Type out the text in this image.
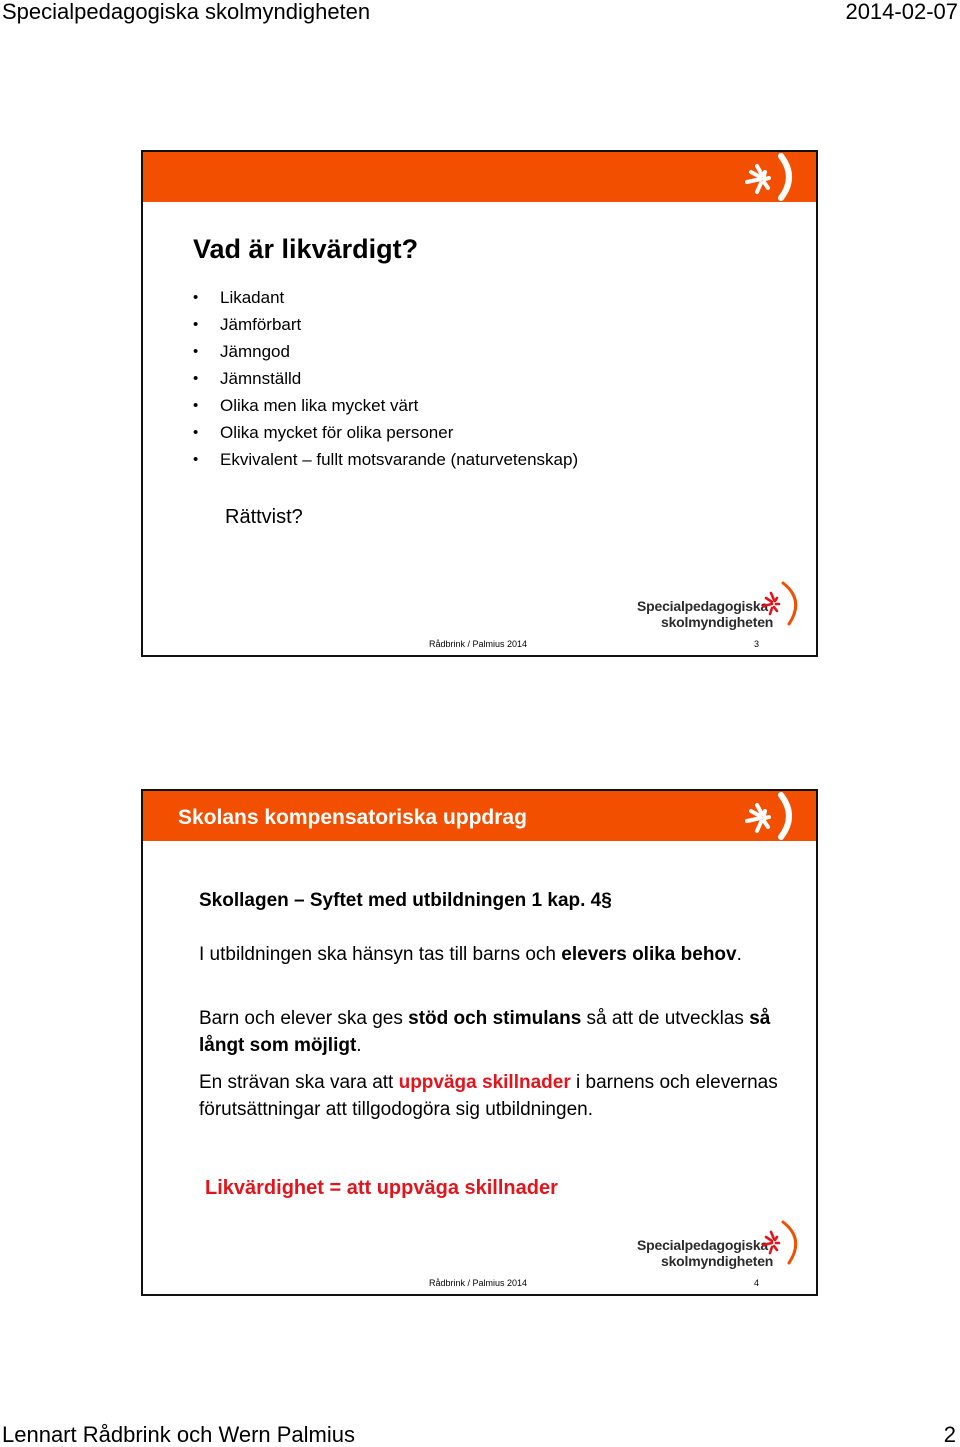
Specialpedagogiska skolmyndigheten	2014-02-07
Vad är likvärdigt?
• Likadant
• Jämförbart
• Jämngod
• Jämnställd
• Olika men lika mycket värt
• Olika mycket för olika personer
• Ekvivalent – fullt motsvarande (naturvetenskap)
Rättvist?
Specialpedagogiska
skolmyndigheten
Rådbrink / Palmius 2014	3
Skolans kompensatoriska uppdrag
Skollagen – Syftet med utbildningen 1 kap. 4§
I utbildningen ska hänsyn tas till barns och elevers olika behov.
Barn och elever ska ges stöd och stimulans så att de utvecklas så långt som möjligt.
En strävan ska vara att uppväga skillnader i barnens och elevernas förutsättningar att tillgodogöra sig utbildningen.
Likvärdighet = att uppväga skillnader
Specialpedagogiska
skolmyndigheten
Rådbrink / Palmius 2014	4
Lennart Rådbrink och Wern Palmius	2
